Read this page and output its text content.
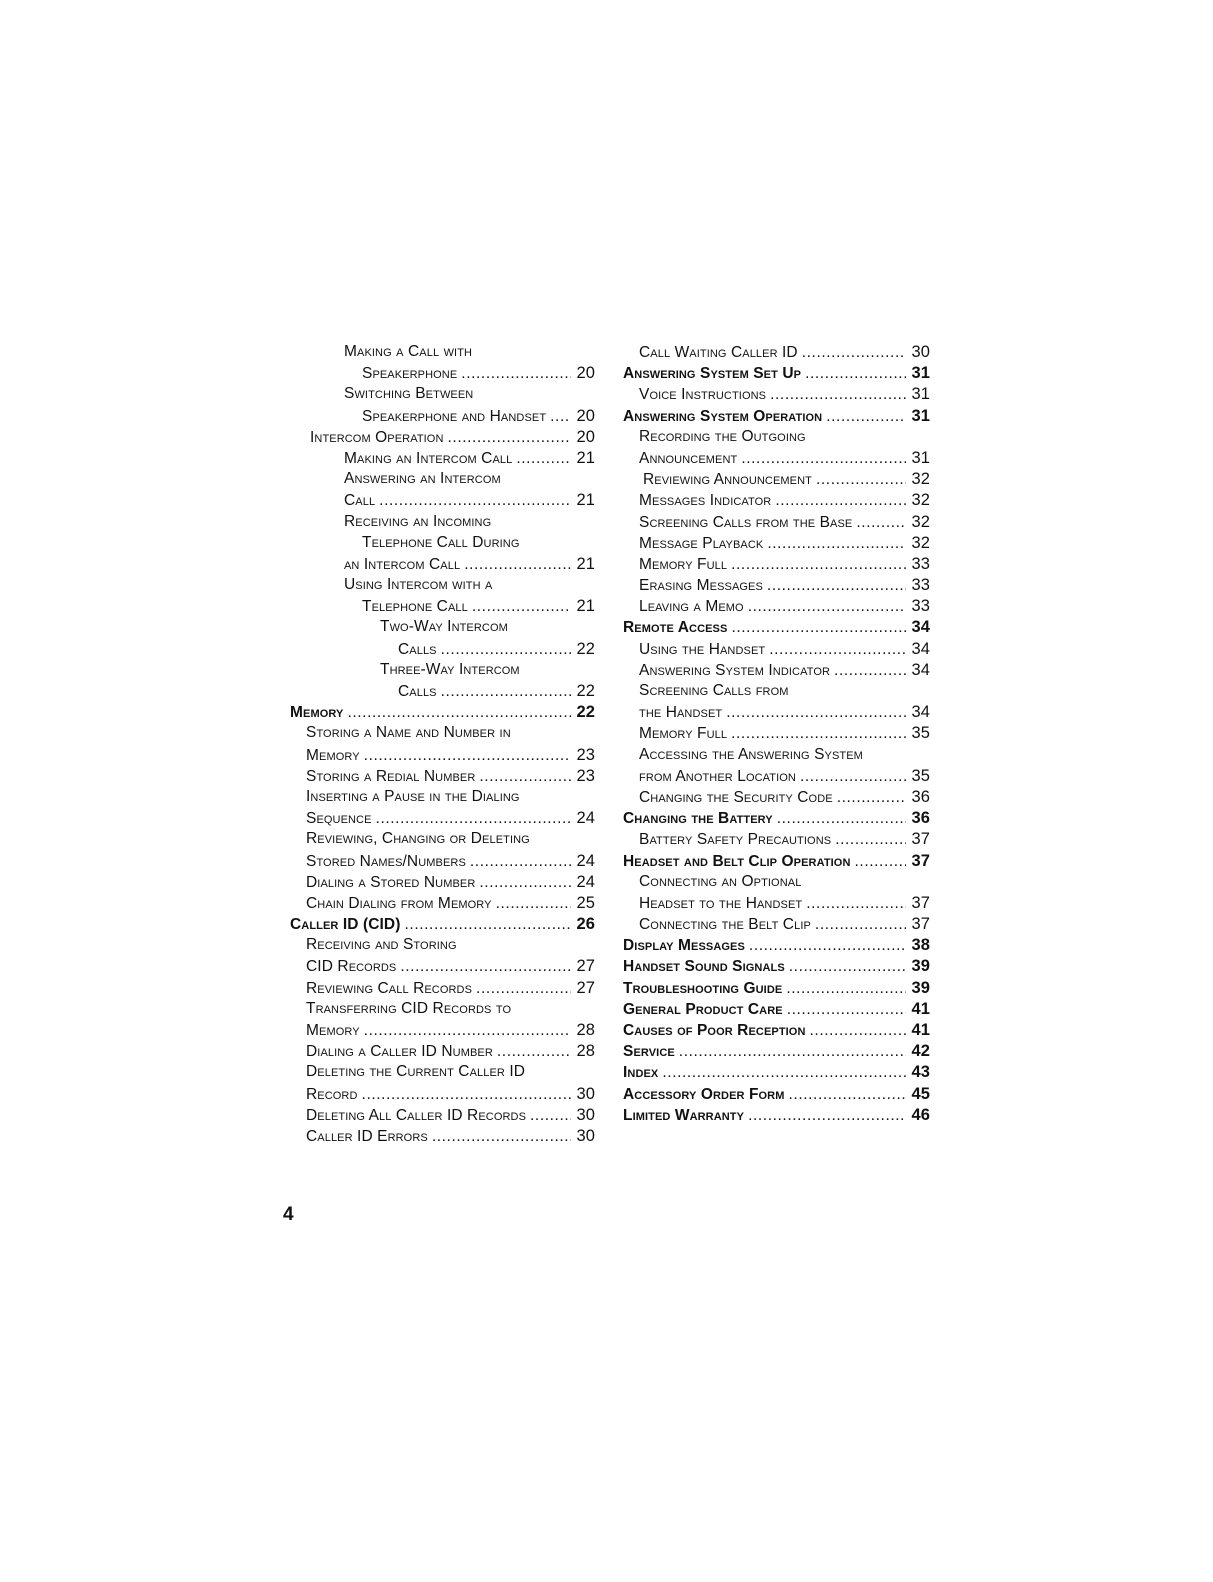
Making a Call with
Speakerphone .....	20
Switching Between
Speakerphone and Handset ..... 20
Intercom Operation .....	20
Making an Intercom Call .....	21
Answering an Intercom
Call .....	21
Receiving an Incoming
Telephone Call During
an Intercom Call .....	21
Using Intercom with a
Telephone Call .....	21
Two-Way Intercom
Calls .....	22
Three-Way Intercom
Calls .....	22
Memory .....	22
Storing a Name and Number in
Memory .....	23
Storing a Redial Number .....	23
Inserting a Pause in the Dialing
Sequence .....	24
Reviewing, Changing or Deleting
Stored Names/Numbers .....	24
Dialing a Stored Number .....	24
Chain Dialing from Memory .....	25
Caller ID (CID) .....	26
Receiving and Storing
CID Records .....	27
Reviewing Call Records .....	27
Transferring CID Records to
Memory .....	28
Dialing a Caller ID Number .....	28
Deleting the Current Caller ID
Record .....	30
Deleting All Caller ID Records .....	30
Caller ID Errors .....	30
Call Waiting Caller ID .....	30
Answering System Set Up .....	31
Voice Instructions .....	31
Answering System Operation .....	31
Recording the Outgoing
Announcement .....	31
Reviewing Announcement .....	32
Messages Indicator .....	32
Screening Calls from the Base .....	32
Message Playback .....	32
Memory Full .....	33
Erasing Messages .....	33
Leaving a Memo .....	33
Remote Access .....	34
Using the Handset .....	34
Answering System Indicator .....	34
Screening Calls from
the Handset .....	34
Memory Full .....	35
Accessing the Answering System
from Another Location .....	35
Changing the Security Code .....	36
Changing the Battery .....	36
Battery Safety Precautions .....	37
Headset and Belt Clip Operation .....	37
Connecting an Optional
Headset to the Handset .....	37
Connecting the Belt Clip .....	37
Display Messages .....	38
Handset Sound Signals .....	39
Troubleshooting Guide .....	39
General Product Care .....	41
Causes of Poor Reception .....	41
Service .....	42
Index .....	43
Accessory Order Form .....	45
Limited Warranty .....	46
4
